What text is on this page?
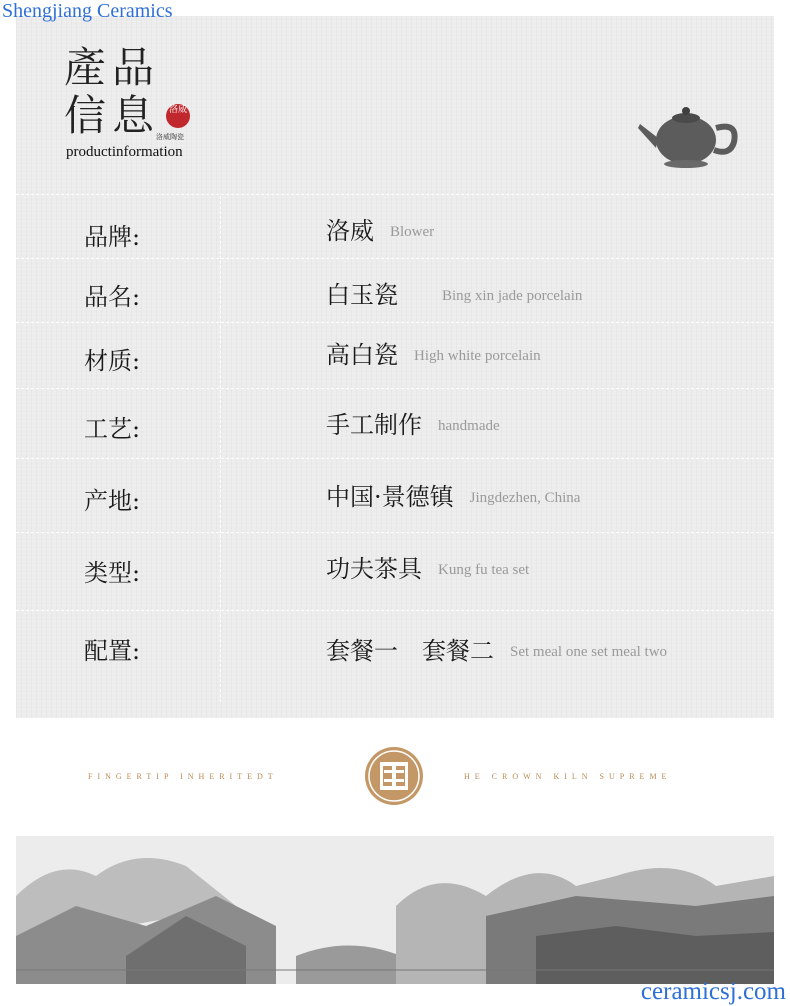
Shengjiang Ceramics
產品
信息 洛威
洛威陶瓷
productinformation
品牌:	洛威 Blower
品名:	白玉瓷	Bing xin jade porcelain
材质:	高白瓷 High white porcelain
工艺:	手工制作 handmade
产地:	中国·景德镇 Jingdezhen, China
类型:	功夫茶具 Kung fu tea set
配置:	套餐一　套餐二 Set meal one set meal two
FINGERTIP INHERITEDT	HE CROWN KILN SUPREME
ceramicsj.com
